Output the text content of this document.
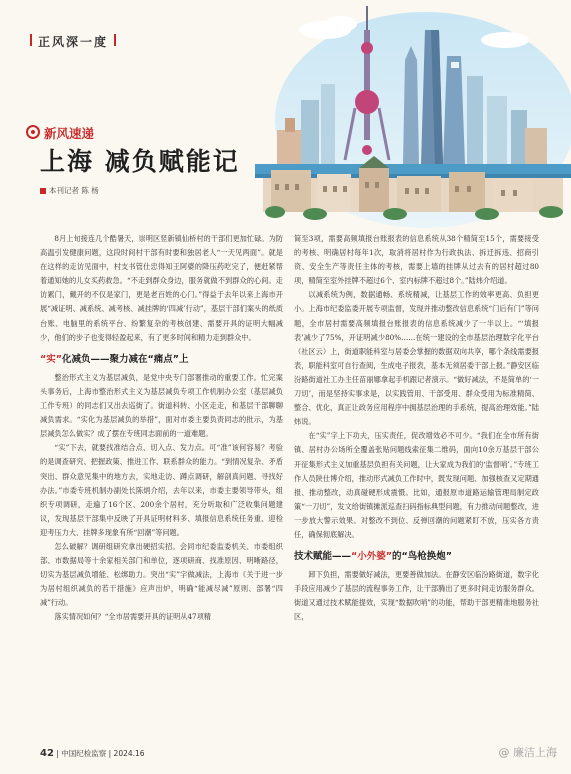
正风深一度
新风速递
上海 减负赋能记
本刊记者 陈 杨

8月上旬接连几个酷暑天，崇明区竖新镇仙桥村的干部们更加忙碌。为防高温引发健康问题，这段时间村干部有时要和独居老人“一天见两面”。就是在这样的走访见面中，村支书管仕忠得知王阿婆的降压药吃完了，便赶紧帮着通知她的儿女买药救急。“不走到群众身边，服务就做不到群众的心间。走访累门，戴开的不仅是家门，更是老百姓的心门。”得益于去年以来上海市开展“减证明、减系统、减考核、减挂牌的‘四减’行动”，基层干部们案头的纸质台账、电脑里的系统平台、纷繁复杂的考核创建、需要开具的证明大幅减少，他们的步子也变得轻盈起来，有了更多时间和精力走到群众中。

“实”化减负——聚力减在“痛点”上

整治形式主义为基层减负，是党中央专门部署推动的重要工作。忙完案头事务后，上海市整治形式主义为基层减负专项工作机制办公室（基层减负工作专班）的同志们又出去巡街了。街道科转、小区走走，和基层干部聊聊减负需求。“实化为基层减负的举措”，面对市委主要负责同志的批示，为基层减负怎么做实？成了摆在专班同志面前的一道难题。

“实”下去，就要找准结合点、切入点、发力点。可“准”该何容易？考验的是调查研究、把握政策、推进工作、联系群众的能力。“到情况复杂、矛盾突出、群众意见集中的地方去，实地走访、蹲点调研，解剖真问题、寻找好办法。”市委专班机制办副处长陈炳介绍，去年以来，市委主要领导带头，组织专项调研，走遍了16个区、200余个居村，充分听取和广泛收集问题建议，发现基层干部集中反映了开具证明材料多、填报信息系统任务重、迎检迎考压力大、挂牌多现象有所“回潮”等问题。

怎么破解？调研组研究拿出硬招实招。会同市纪委监委机关、市委组织部、市数据局等十余家相关部门和单位，逐项研商、找准原因、明晰路径，切实为基层减负增能、松绑助力。突出“实”字做减法，上海市《关于进一步为居村组织减负的若干措施》应声出炉，明确“能减尽减”原则、部署“四减”行动。

落实情况如何？“全市居需要开具的证明从47项精

简至3项，需要高频填报台账报表的信息系统从38个精简至15个，需要接受的考核、明确居村每年1次，取消将居村作为行政执法、拆迁拆违、招商引资、安全生产等责任主体的考核，需要上墙的挂牌从过去有的居村超过80项，精简至室外挂牌不超过6个、室内标牌不超过8个。”陆炜介绍道。

以减系统为例，数据通畅、系统精减，让基层工作的效率更高、负担更小。上海市纪委监委开展专项监督，发现并推动整改信息系统“门后有门”等问题，全市居村需要高频填报台账报表的信息系统减少了一半以上。“‘填报表’减少了75%，开证明减少80%……在统一建设的全市基层治理数字化平台（社区云）上，街道职能科室与居委会掌握的数据双向共享，哪个条线需要报表，职能科室可自行查阅，生成电子报表，基本无须居委干部上报。”静安区临汾路街道社工办主任苗丽娜拿起手机跟记者演示。“做好减法，不是简单的‘一刀切’，而是坚持实事求是，以实践管用、干部受用、群众受用为标准精简、整合、优化，真正让政务应用程序中拥基层治理的手系统，提高治理效能。”陆炜说。

在“实”字上下功夫，压实责任，促改增效必不可少。“我们在全市所有街镇、居村办公场所全覆盖张贴问题线索征集二维码，面向10余万基层干部公开征集形式主义加重基层负担有关问题，让大家成为我们的‘监督哨’。”专班工作人员陕仕博介绍，推动形式减负工作时中，既发现问题、加强核查又定期通报、推动整改，动真碰硬形成震慑。比如，通报原市道路运输管理局制定政策“一刀切”，发文给街镇摊派巡查扫码指标典型问题，有力推动问题整改，进一步放大警示效果。对整改不到位、反弹回潮的问题紧盯不放，压实各方责任，确保彻底解决。

技术赋能——“小外婆”的“鸟枪换炮”

卸下负担，需要做好减法，更要善做加法。在静安区临汾路街道，数字化手段应用减少了基层的流程事务工作，让干部腾出了更多时间走访服务群众。街道又通过技术赋能提效，实现“数据吹哨”的功能，帮助干部更精准地服务社区，

42 | 中国纪检监察 | 2024.16	@ 廉洁上海
